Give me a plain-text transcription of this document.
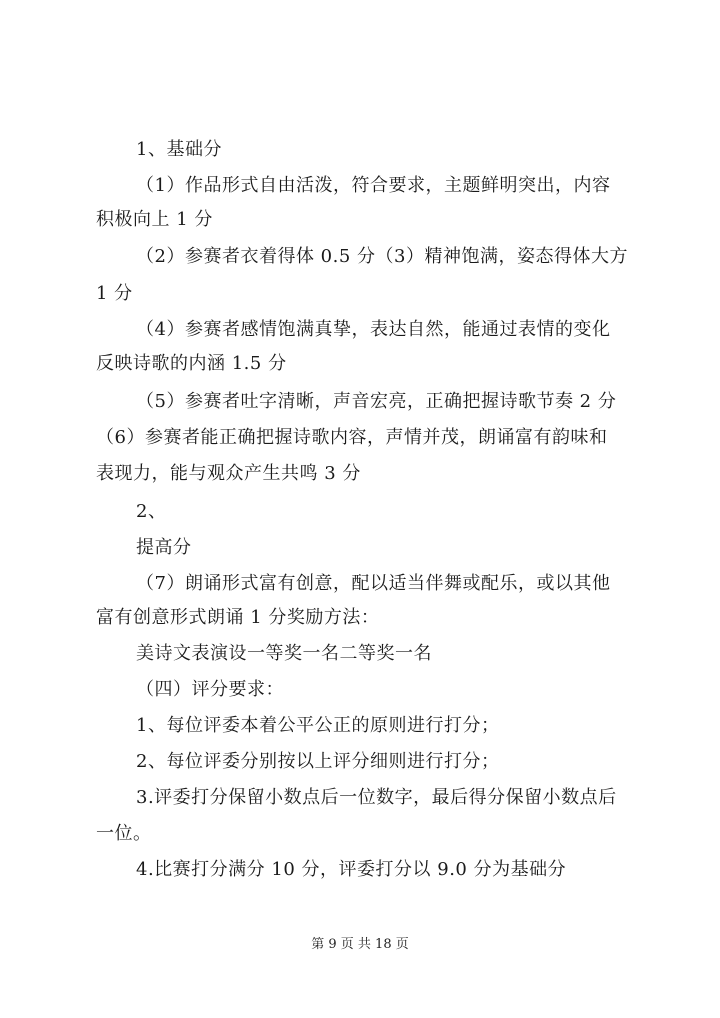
1、基础分
（1）作品形式自由活泼，符合要求，主题鲜明突出，内容
积极向上 1 分
（2）参赛者衣着得体 0.5 分（3）精神饱满，姿态得体大方
1 分
（4）参赛者感情饱满真挚，表达自然，能通过表情的变化
反映诗歌的内涵 1.5 分
（5）参赛者吐字清晰，声音宏亮，正确把握诗歌节奏 2 分
（6）参赛者能正确把握诗歌内容，声情并茂，朗诵富有韵味和
表现力，能与观众产生共鸣 3 分
2、
提高分
（7）朗诵形式富有创意，配以适当伴舞或配乐，或以其他
富有创意形式朗诵 1 分奖励方法：
美诗文表演设一等奖一名二等奖一名
（四）评分要求：
1、每位评委本着公平公正的原则进行打分；
2、每位评委分别按以上评分细则进行打分；
3.评委打分保留小数点后一位数字，最后得分保留小数点后
一位。
4.比赛打分满分 10 分，评委打分以 9.0 分为基础分
第 9 页 共 18 页
